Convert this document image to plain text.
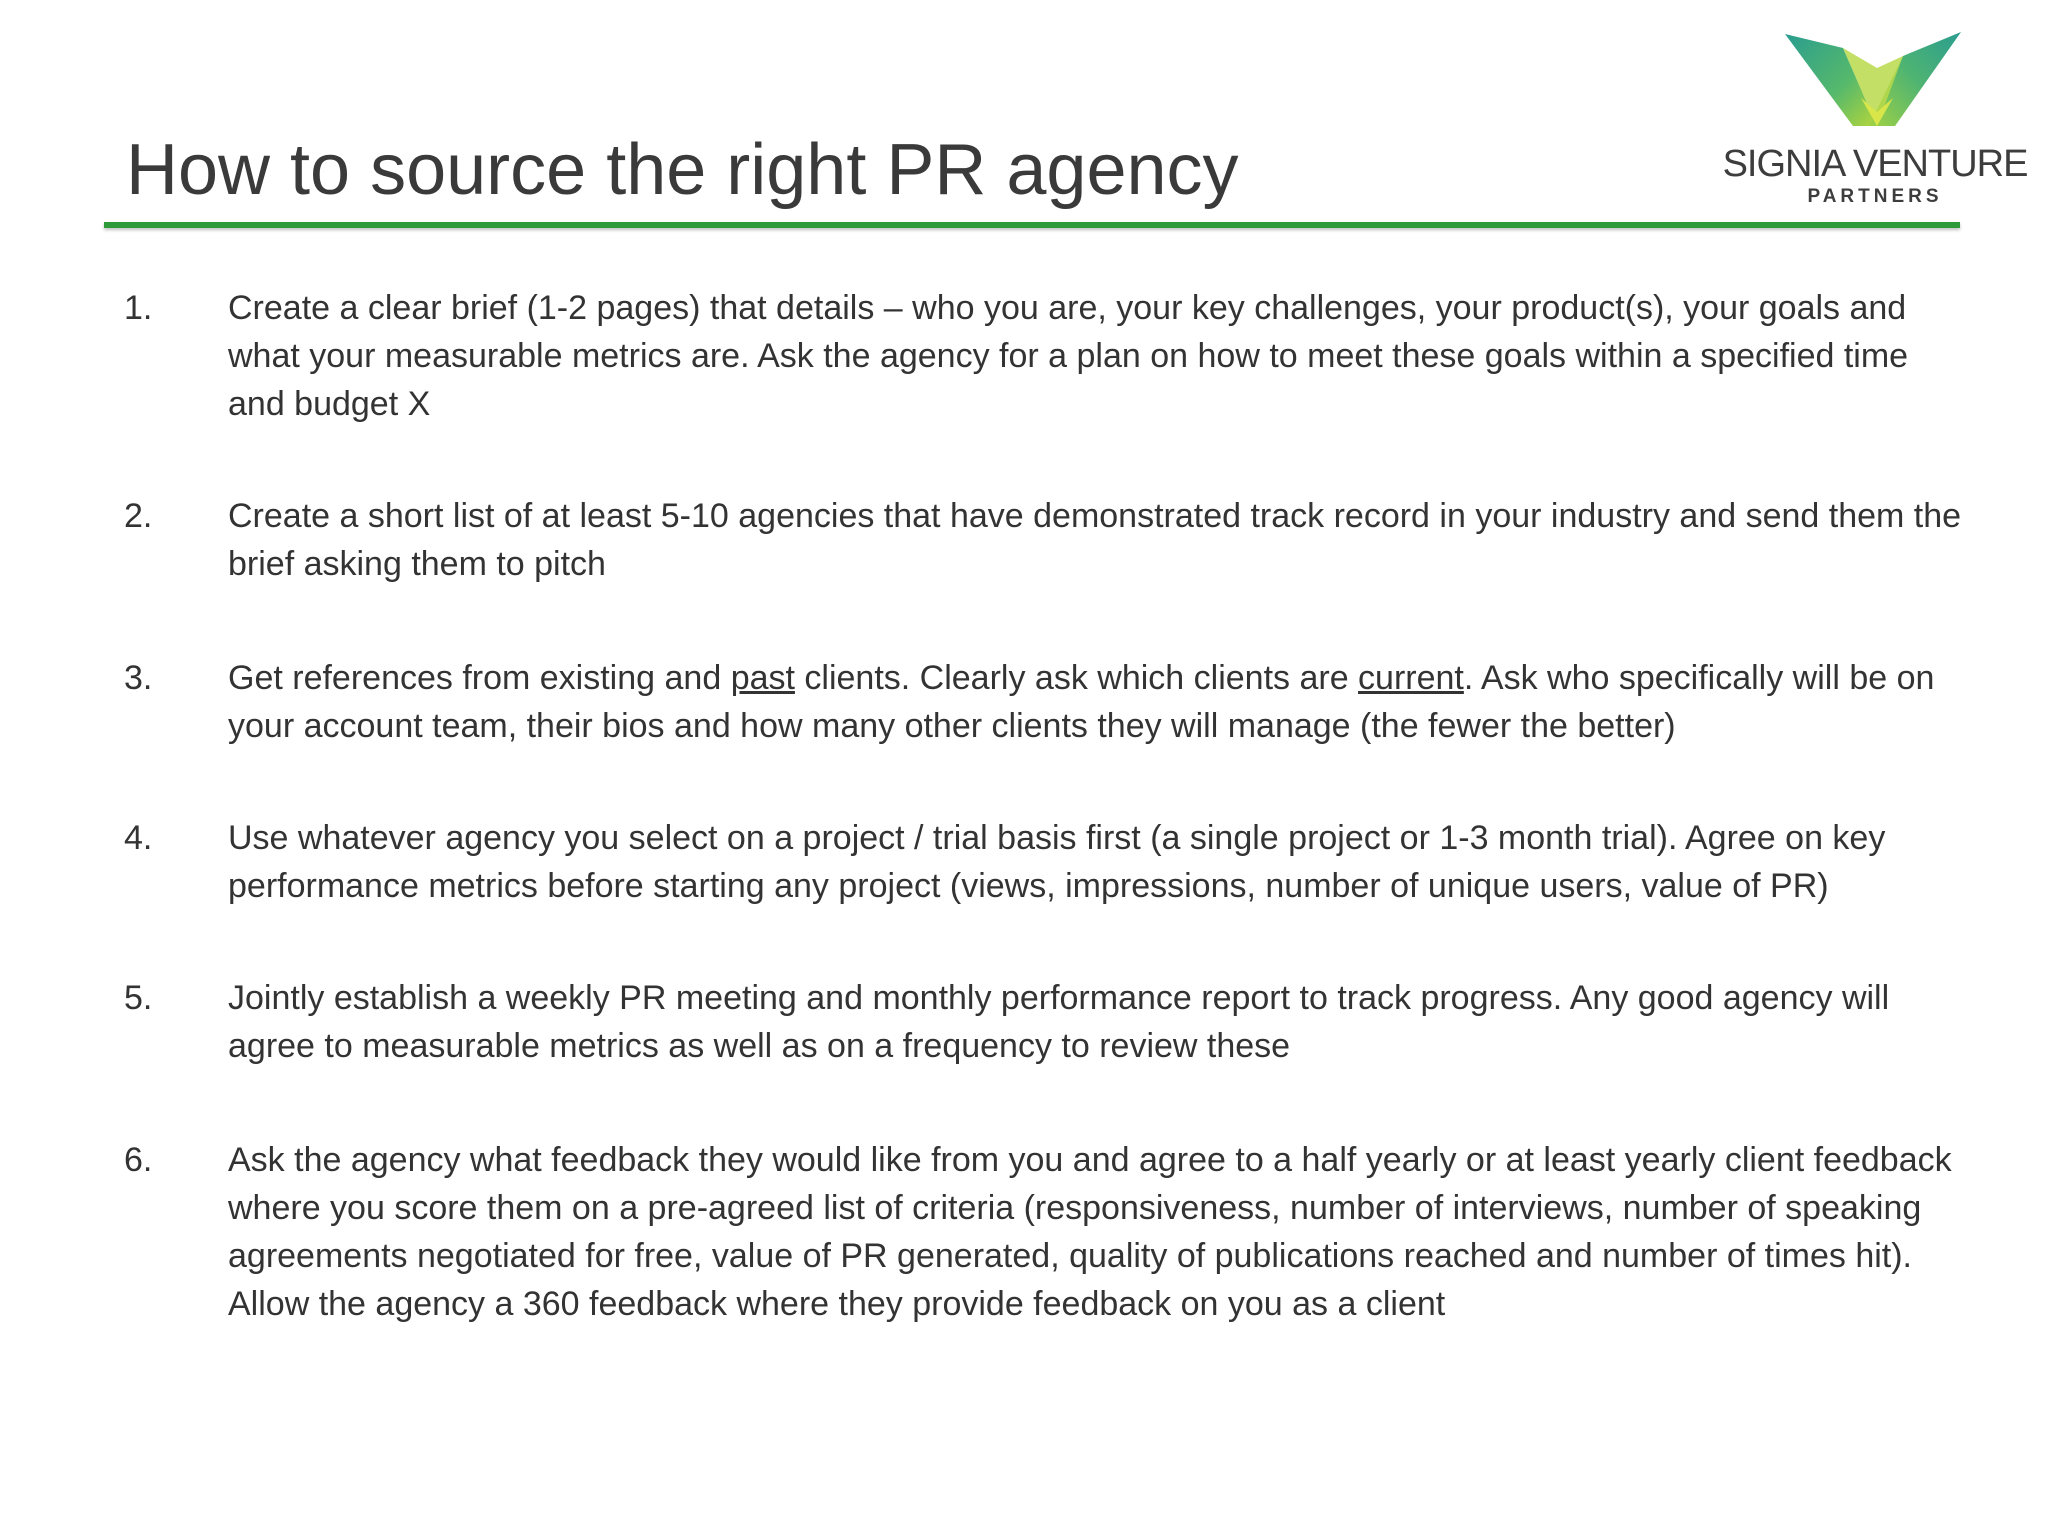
How to source the right PR agency	SIGNIA VENTURE
PARTNERS
1. Create a clear brief (1-2 pages) that details – who you are, your key challenges, your product(s), your goals and what your measurable metrics are. Ask the agency for a plan on how to meet these goals within a specified time and budget X
2. Create a short list of at least 5-10 agencies that have demonstrated track record in your industry and send them the brief asking them to pitch
3. Get references from existing and past clients. Clearly ask which clients are current. Ask who specifically will be on your account team, their bios and how many other clients they will manage (the fewer the better)
4. Use whatever agency you select on a project / trial basis first (a single project or 1-3 month trial). Agree on key performance metrics before starting any project (views, impressions, number of unique users, value of PR)
5. Jointly establish a weekly PR meeting and monthly performance report to track progress. Any good agency will agree to measurable metrics as well as on a frequency to review these
6. Ask the agency what feedback they would like from you and agree to a half yearly or at least yearly client feedback where you score them on a pre-agreed list of criteria (responsiveness, number of interviews, number of speaking agreements negotiated for free, value of PR generated, quality of publications reached and number of times hit). Allow the agency a 360 feedback where they provide feedback on you as a client
